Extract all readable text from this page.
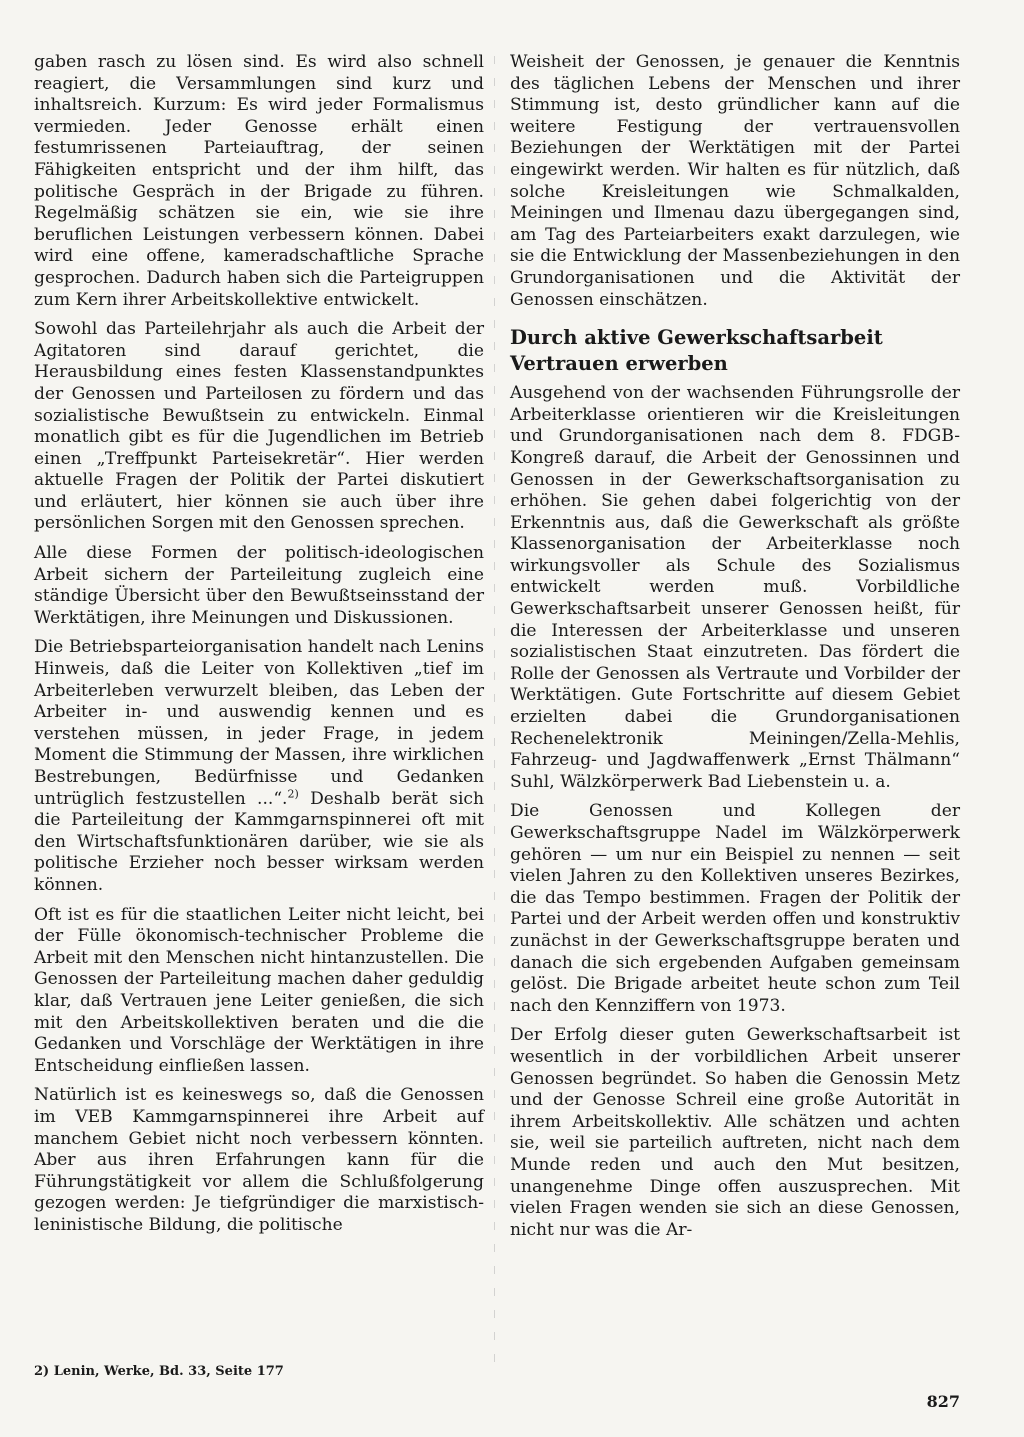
gaben rasch zu lösen sind. Es wird also schnell reagiert, die Versammlungen sind kurz und inhaltsreich. Kurzum: Es wird jeder Formalismus vermieden. Jeder Genosse erhält einen festumrissenen Parteiauftrag, der seinen Fähigkeiten entspricht und der ihm hilft, das politische Gespräch in der Brigade zu führen. Regelmäßig schätzen sie ein, wie sie ihre beruflichen Leistungen verbessern können. Dabei wird eine offene, kameradschaftliche Sprache gesprochen. Dadurch haben sich die Parteigruppen zum Kern ihrer Arbeitskollektive entwickelt.

Sowohl das Parteilehrjahr als auch die Arbeit der Agitatoren sind darauf gerichtet, die Herausbildung eines festen Klassenstandpunktes der Genossen und Parteilosen zu fördern und das sozialistische Bewußtsein zu entwickeln. Einmal monatlich gibt es für die Jugendlichen im Betrieb einen „Treffpunkt Parteisekretär“. Hier werden aktuelle Fragen der Politik der Partei diskutiert und erläutert, hier können sie auch über ihre persönlichen Sorgen mit den Genossen sprechen.

Alle diese Formen der politisch-ideologischen Arbeit sichern der Parteileitung zugleich eine ständige Übersicht über den Bewußtseinsstand der Werktätigen, ihre Meinungen und Diskussionen.

Die Betriebsparteiorganisation handelt nach Lenins Hinweis, daß die Leiter von Kollektiven „tief im Arbeiterleben verwurzelt bleiben, das Leben der Arbeiter in- und auswendig kennen und es verstehen müssen, in jeder Frage, in jedem Moment die Stimmung der Massen, ihre wirklichen Bestrebungen, Bedürfnisse und Gedanken untrüglich festzustellen ...“.$^{2)}$ Deshalb berät sich die Parteileitung der Kammgarnspinnerei oft mit den Wirtschaftsfunktionären darüber, wie sie als politische Erzieher noch besser wirksam werden können.

Oft ist es für die staatlichen Leiter nicht leicht, bei der Fülle ökonomisch-technischer Probleme die Arbeit mit den Menschen nicht hintanzustellen. Die Genossen der Parteileitung machen daher geduldig klar, daß Vertrauen jene Leiter genießen, die sich mit den Arbeitskollektiven beraten und die die Gedanken und Vorschläge der Werktätigen in ihre Entscheidung einfließen lassen.

Natürlich ist es keineswegs so, daß die Genossen im VEB Kammgarnspinnerei ihre Arbeit auf manchem Gebiet nicht noch verbessern könnten. Aber aus ihren Erfahrungen kann für die Führungstätigkeit vor allem die Schlußfolgerung gezogen werden: Je tiefgründiger die marxistisch-leninistische Bildung, die politische

Weisheit der Genossen, je genauer die Kenntnis des täglichen Lebens der Menschen und ihrer Stimmung ist, desto gründlicher kann auf die weitere Festigung der vertrauensvollen Beziehungen der Werktätigen mit der Partei eingewirkt werden. Wir halten es für nützlich, daß solche Kreisleitungen wie Schmalkalden, Meiningen und Ilmenau dazu übergegangen sind, am Tag des Parteiarbeiters exakt darzulegen, wie sie die Entwicklung der Massenbeziehungen in den Grundorganisationen und die Aktivität der Genossen einschätzen.

Durch aktive Gewerkschaftsarbeit
Vertrauen erwerben

Ausgehend von der wachsenden Führungsrolle der Arbeiterklasse orientieren wir die Kreisleitungen und Grundorganisationen nach dem 8. FDGB-Kongreß darauf, die Arbeit der Genossinnen und Genossen in der Gewerkschaftsorganisation zu erhöhen. Sie gehen dabei folgerichtig von der Erkenntnis aus, daß die Gewerkschaft als größte Klassenorganisation der Arbeiterklasse noch wirkungsvoller als Schule des Sozialismus entwickelt werden muß. Vorbildliche Gewerkschaftsarbeit unserer Genossen heißt, für die Interessen der Arbeiterklasse und unseren sozialistischen Staat einzutreten. Das fördert die Rolle der Genossen als Vertraute und Vorbilder der Werktätigen. Gute Fortschritte auf diesem Gebiet erzielten dabei die Grundorganisationen Rechenelektronik Meiningen/Zella-Mehlis, Fahrzeug- und Jagdwaffenwerk „Ernst Thälmann“ Suhl, Wälzkörperwerk Bad Liebenstein u. a.

Die Genossen und Kollegen der Gewerkschaftsgruppe Nadel im Wälzkörperwerk gehören — um nur ein Beispiel zu nennen — seit vielen Jahren zu den Kollektiven unseres Bezirkes, die das Tempo bestimmen. Fragen der Politik der Partei und der Arbeit werden offen und konstruktiv zunächst in der Gewerkschaftsgruppe beraten und danach die sich ergebenden Aufgaben gemeinsam gelöst. Die Brigade arbeitet heute schon zum Teil nach den Kennziffern von 1973.

Der Erfolg dieser guten Gewerkschaftsarbeit ist wesentlich in der vorbildlichen Arbeit unserer Genossen begründet. So haben die Genossin Metz und der Genosse Schreil eine große Autorität in ihrem Arbeitskollektiv. Alle schätzen und achten sie, weil sie parteilich auftreten, nicht nach dem Munde reden und auch den Mut besitzen, unangenehme Dinge offen auszusprechen. Mit vielen Fragen wenden sie sich an diese Genossen, nicht nur was die Ar-

2) Lenin, Werke, Bd. 33, Seite 177
827
